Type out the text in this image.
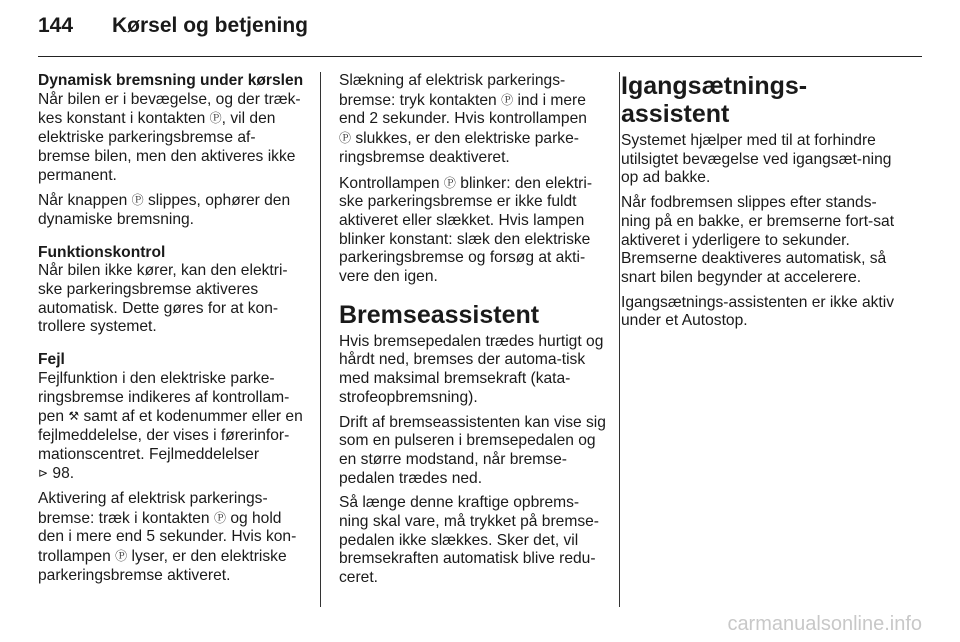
144 Kørsel og betjening
Dynamisk bremsning under kørslen

Når bilen er i bevægelse, og der træk-kes konstant i kontakten Ⓟ, vil den elektriske parkeringsbremse af-bremse bilen, men den aktiveres ikke permanent.

Når knappen Ⓟ slippes, ophører den dynamiske bremsning.

Funktionskontrol

Når bilen ikke kører, kan den elektri-ske parkeringsbremse aktiveres automatisk. Dette gøres for at kon-trollere systemet.

Fejl

Fejlfunktion i den elektriske parke-ringsbremse indikeres af kontrollam-pen ⚒ samt af et kodenummer eller en fejlmeddelelse, der vises i førerinfor-mationscentret. Fejlmeddelelser
⊳ 98.

Aktivering af elektrisk parkerings-bremse: træk i kontakten Ⓟ og hold den i mere end 5 sekunder. Hvis kon-trollampen Ⓟ lyser, er den elektriske parkeringsbremse aktiveret.

Slækning af elektrisk parkerings-bremse: tryk kontakten Ⓟ ind i mere end 2 sekunder. Hvis kontrollampen
Ⓟ slukkes, er den elektriske parke-ringsbremse deaktiveret.

Kontrollampen Ⓟ blinker: den elektri-ske parkeringsbremse er ikke fuldt aktiveret eller slækket. Hvis lampen blinker konstant: slæk den elektriske parkeringsbremse og forsøg at akti-vere den igen.

Bremseassistent

Hvis bremsepedalen trædes hurtigt og hårdt ned, bremses der automa-tisk med maksimal bremsekraft (kata-strofeopbremsning).

Drift af bremseassistenten kan vise sig som en pulseren i bremsepedalen og en større modstand, når bremse-pedalen trædes ned.

Så længe denne kraftige opbrems-ning skal vare, må trykket på bremse-pedalen ikke slækkes. Sker det, vil bremsekraften automatisk blive redu-ceret.

Igangsætnings-assistent

Systemet hjælper med til at forhindre utilsigtet bevægelse ved igangsæt-ning op ad bakke.

Når fodbremsen slippes efter stands-ning på en bakke, er bremserne fort-sat aktiveret i yderligere to sekunder. Bremserne deaktiveres automatisk, så snart bilen begynder at accelerere.

Igangsætnings-assistenten er ikke aktiv under et Autostop.

carmanualsonline.info
